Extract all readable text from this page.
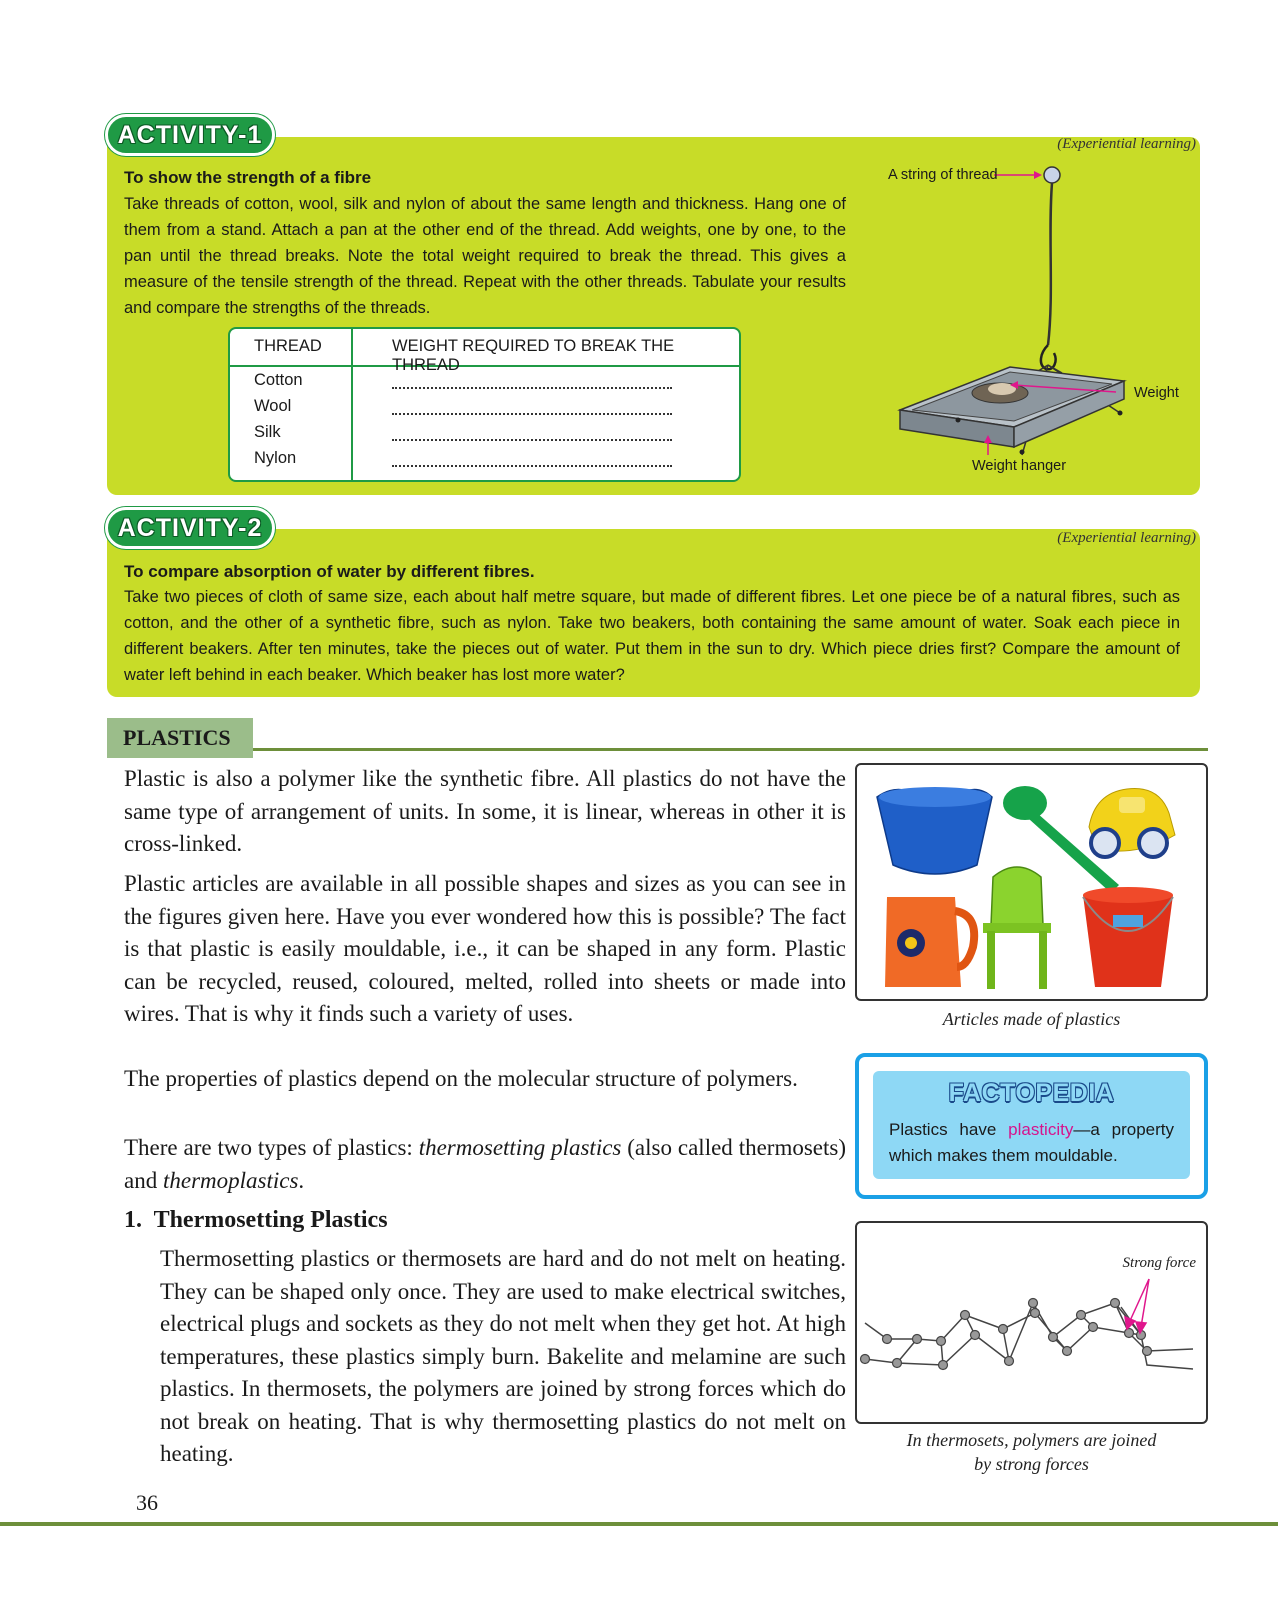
ACTIVITY-1	(Experiential learning)
To show the strength of a fibre
Take threads of cotton, wool, silk and nylon of about the same length and thickness. Hang one of them from a stand. Attach a pan at the other end of the thread. Add weights, one by one, to the pan until the thread breaks. Note the total weight required to break the thread. This gives a measure of the tensile strength of the thread. Repeat with the other threads. Tabulate your results and compare the strengths of the threads.
THREAD	WEIGHT REQUIRED TO BREAK THE THREAD
Cotton
Wool
Silk
Nylon
A string of thread
Weight
Weight hanger
ACTIVITY-2	(Experiential learning)
To compare absorption of water by different fibres.
Take two pieces of cloth of same size, each about half metre square, but made of different fibres. Let one piece be of a natural fibres, such as cotton, and the other of a synthetic fibre, such as nylon. Take two beakers, both containing the same amount of water. Soak each piece in different beakers. After ten minutes, take the pieces out of water. Put them in the sun to dry. Which piece dries first? Compare the amount of water left behind in each beaker. Which beaker has lost more water?
PLASTICS
Plastic is also a polymer like the synthetic fibre. All plastics do not have the same type of arrangement of units. In some, it is linear, whereas in other it is cross-linked.
Plastic articles are available in all possible shapes and sizes as you can see in the figures given here. Have you ever wondered how this is possible? The fact is that plastic is easily mouldable, i.e., it can be shaped in any form. Plastic can be recycled, reused, coloured, melted, rolled into sheets or made into wires. That is why it finds such a variety of uses.
The properties of plastics depend on the molecular structure of polymers.
There are two types of plastics: thermosetting plastics (also called thermosets) and thermoplastics.
1.  Thermosetting Plastics
Thermosetting plastics or thermosets are hard and do not melt on heating. They can be shaped only once. They are used to make electrical switches, electrical plugs and sockets as they do not melt when they get hot. At high temperatures, these plastics simply burn. Bakelite and melamine are such plastics. In thermosets, the polymers are joined by strong forces which do not break on heating. That is why thermosetting plastics do not melt on heating.
Articles made of plastics
FACTOPEDIA
Plastics have plasticity—a property which makes them mouldable.
Strong force
In thermosets, polymers are joined
by strong forces
36
